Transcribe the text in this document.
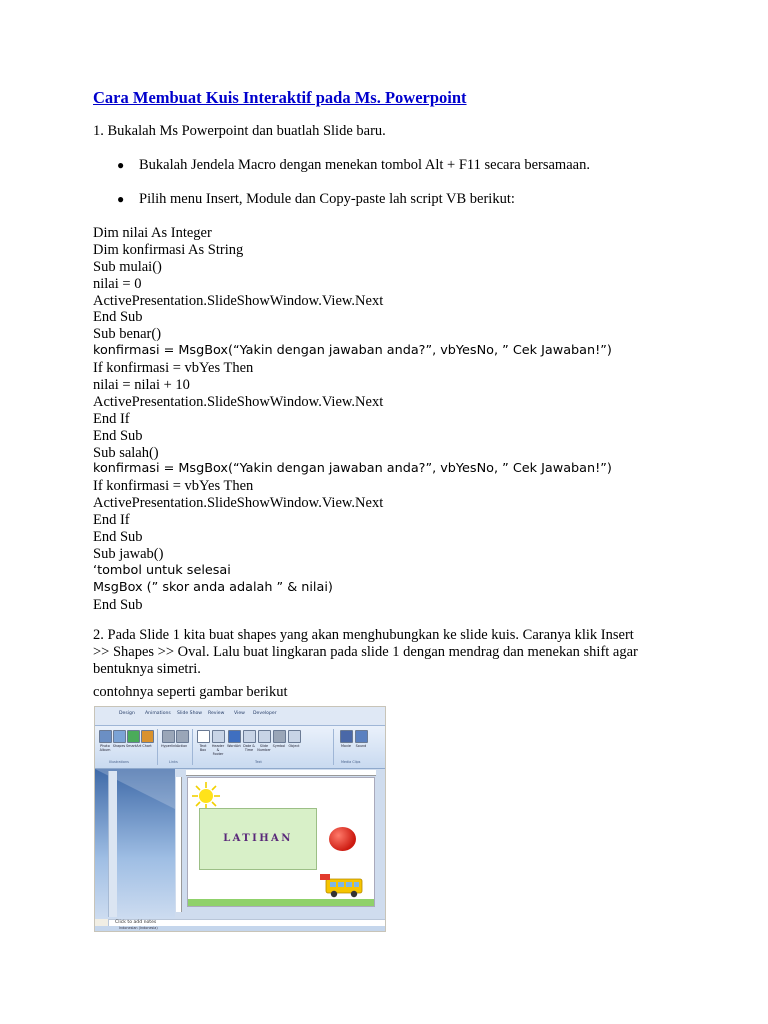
Cara Membuat Kuis Interaktif pada Ms. Powerpoint
1. Bukalah Ms Powerpoint dan buatlah Slide baru.
● Bukalah Jendela Macro dengan menekan tombol Alt + F11 secara bersamaan.
● Pilih menu Insert, Module dan Copy-paste lah script VB berikut:
Dim nilai As Integer
Dim konfirmasi As String
Sub mulai()
nilai = 0
ActivePresentation.SlideShowWindow.View.Next
End Sub
Sub benar()
konfirmasi = MsgBox(“Yakin dengan jawaban anda?”, vbYesNo, ” Cek Jawaban!”)
If konfirmasi = vbYes Then
nilai = nilai + 10
ActivePresentation.SlideShowWindow.View.Next
End If
End Sub
Sub salah()
konfirmasi = MsgBox(“Yakin dengan jawaban anda?”, vbYesNo, ” Cek Jawaban!”)
If konfirmasi = vbYes Then
ActivePresentation.SlideShowWindow.View.Next
End If
End Sub
Sub jawab()
‘tombol untuk selesai
MsgBox (” skor anda adalah ” & nilai)
End Sub
2. Pada Slide 1 kita buat shapes yang akan menghubungkan ke slide kuis. Caranya klik Insert
>> Shapes >> Oval. Lalu buat lingkaran pada slide 1 dengan mendrag dan menekan shift agar
bentuknya simetri.
contohnya seperti gambar berikut
Design Animations Slide Show Review View Developer
Photo Album
Shapes SmartArt Chart	Hyperlink Action	Text Box
Header & Footer
WordArt Date & Time
Slide Number
Symbol Object	Movie	Sound
Illustrations	Links	Text	Media Clips
LATIHAN
Click to add notes
Indonesian (Indonesia)
